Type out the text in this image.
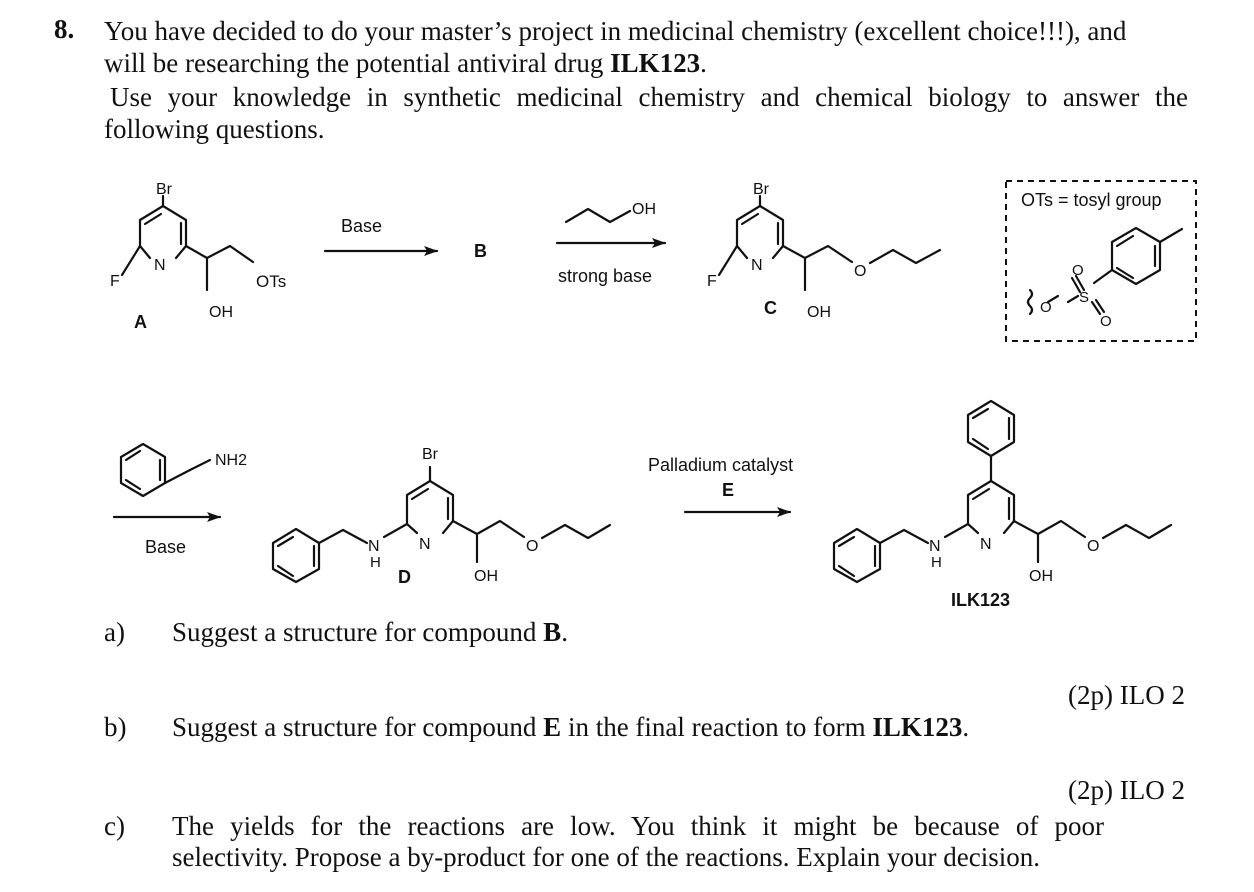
8. You have decided to do your master’s project in medicinal chemistry (excellent choice!!!), and
will be researching the potential antiviral drug ILK123.
Use your knowledge in synthetic medicinal chemistry and chemical biology to answer the
following questions.
Br
F
N
OTs
OH
A
Base
B
OH
strong base
Br
F
N	O
OH
C
OTs = tosyl group
O
S
O
O
NH2
Base
Br
N
H
N	O
OH
D
Palladium catalyst
E
N
H
N	O
OH
ILK123
a) Suggest a structure for compound B.
(2p) ILO 2
b) Suggest a structure for compound E in the final reaction to form ILK123.
(2p) ILO 2
c) The yields for the reactions are low. You think it might be because of poor
selectivity. Propose a by-product for one of the reactions. Explain your decision.
